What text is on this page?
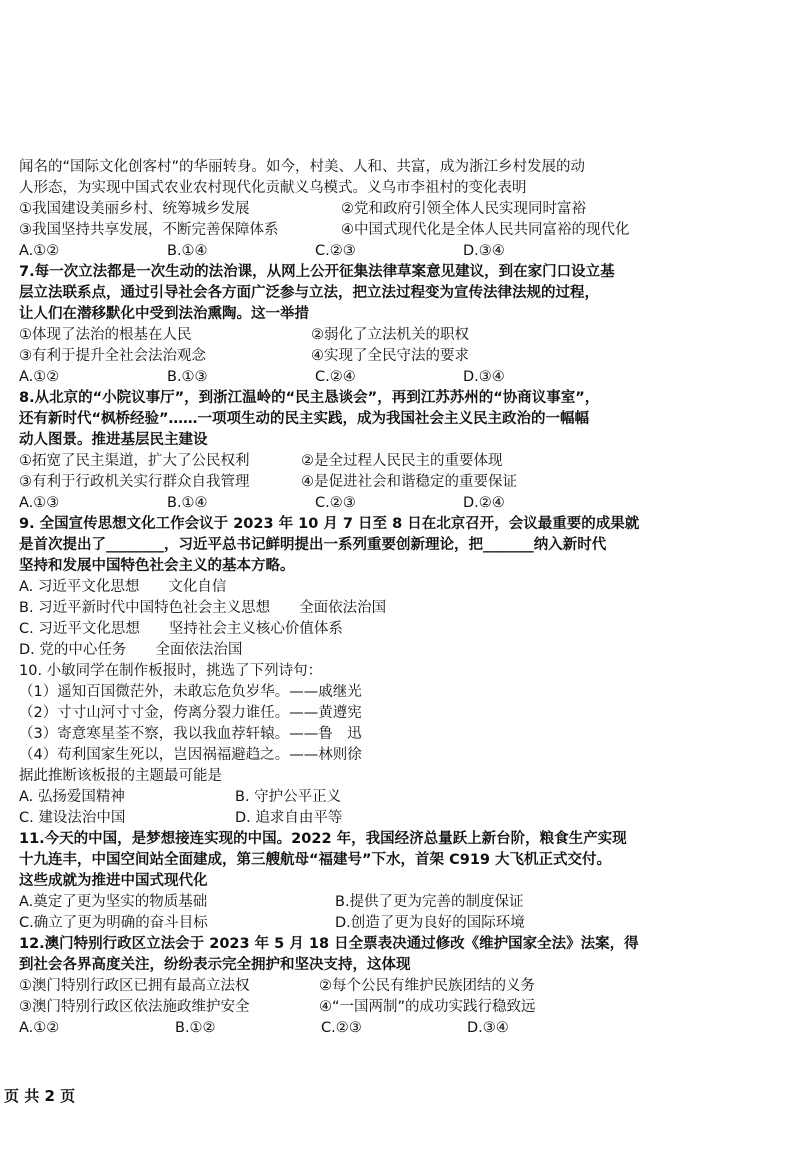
闻名的“国际文化创客村”的华丽转身。如今，村美、人和、共富，成为浙江乡村发展的动
人形态，为实现中国式农业农村现代化贡献义乌模式。义乌市李祖村的变化表明
①我国建设美丽乡村、统筹城乡发展	②党和政府引领全体人民实现同时富裕
③我国坚持共享发展，不断完善保障体系	④中国式现代化是全体人民共同富裕的现代化
A.①②	B.①④	C.②③	D.③④
7.每一次立法都是一次生动的法治课，从网上公开征集法律草案意见建议，到在家门口设立基
层立法联系点，通过引导社会各方面广泛参与立法，把立法过程变为宣传法律法规的过程，
让人们在潜移默化中受到法治熏陶。这一举措
①体现了法治的根基在人民	②弱化了立法机关的职权
③有利于提升全社会法治观念	④实现了全民守法的要求
A.①②	B.①③	C.②④	D.③④
8.从北京的“小院议事厅”，到浙江温岭的“民主恳谈会”，再到江苏苏州的“协商议事室”，
还有新时代“枫桥经验”……一项项生动的民主实践，成为我国社会主义民主政治的一幅幅
动人图景。推进基层民主建设
①拓宽了民主渠道，扩大了公民权利	②是全过程人民民主的重要体现
③有利于行政机关实行群众自我管理	④是促进社会和谐稳定的重要保证
A.①③	B.①④	C.②③	D.②④
9. 全国宣传思想文化工作会议于 2023 年 10 月 7 日至 8 日在北京召开，会议最重要的成果就
是首次提出了________，习近平总书记鲜明提出一系列重要创新理论，把_______纳入新时代
坚持和发展中国特色社会主义的基本方略。
A. 习近平文化思想　　文化自信
B. 习近平新时代中国特色社会主义思想　　全面依法治国
C. 习近平文化思想　　坚持社会主义核心价值体系
D. 党的中心任务　　全面依法治国
10. 小敏同学在制作板报时，挑选了下列诗句：
（1）遥知百国微茫外，未敢忘危负岁华。——戚继光
（2）寸寸山河寸寸金，侉离分裂力谁任。——黄遵宪
（3）寄意寒星荃不察，我以我血荐轩辕。——鲁　迅
（4）苟利国家生死以，岂因祸福避趋之。——林则徐
据此推断该板报的主题最可能是
A. 弘扬爱国精神	B. 守护公平正义
C. 建设法治中国	D. 追求自由平等
11.今天的中国，是梦想接连实现的中国。2022 年，我国经济总量跃上新台阶，粮食生产实现
十九连丰，中国空间站全面建成，第三艘航母“福建号”下水，首架 C919 大飞机正式交付。
这些成就为推进中国式现代化
A.奠定了更为坚实的物质基础	B.提供了更为完善的制度保证
C.确立了更为明确的奋斗目标	D.创造了更为良好的国际环境
12.澳门特别行政区立法会于 2023 年 5 月 18 日全票表决通过修改《维护国家全法》法案，得
到社会各界高度关注，纷纷表示完全拥护和坚决支持，这体现
①澳门特别行政区已拥有最高立法权	②每个公民有维护民族团结的义务
③澳门特别行政区依法施政维护安全	④“一国两制”的成功实践行稳致远
A.①②	B.①②	C.②③	D.③④
页 共 2 页
